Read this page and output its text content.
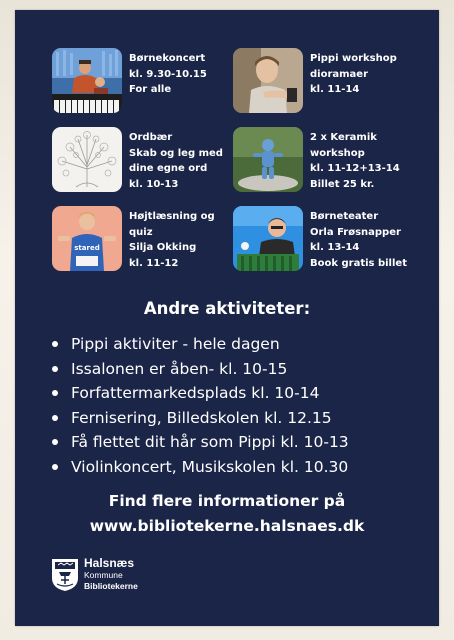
Børnekoncert
kl. 9.30-10.15
For alle
Pippi workshop
dioramaer
kl. 11-14
Ordbær
Skab og leg med
dine egne ord
kl. 10-13
2 x Keramik
workshop
kl. 11-12+13-14
Billet 25 kr.
stared
Højtlæsning og
quiz
Silja Okking
kl. 11-12
Børneteater
Orla Frøsnapper
kl. 13-14
Book gratis billet
Andre aktiviteter:
Pippi aktiviter - hele dagen
Issalonen er åben- kl. 10-15
Forfattermarkedsplads kl. 10-14
Fernisering, Billedskolen kl. 12.15
Få flettet dit hår som Pippi kl. 10-13
Violinkoncert, Musikskolen kl. 10.30
Find flere informationer på
www.bibliotekerne.halsnaes.dk
Halsnæs
Kommune
Bibliotekerne
